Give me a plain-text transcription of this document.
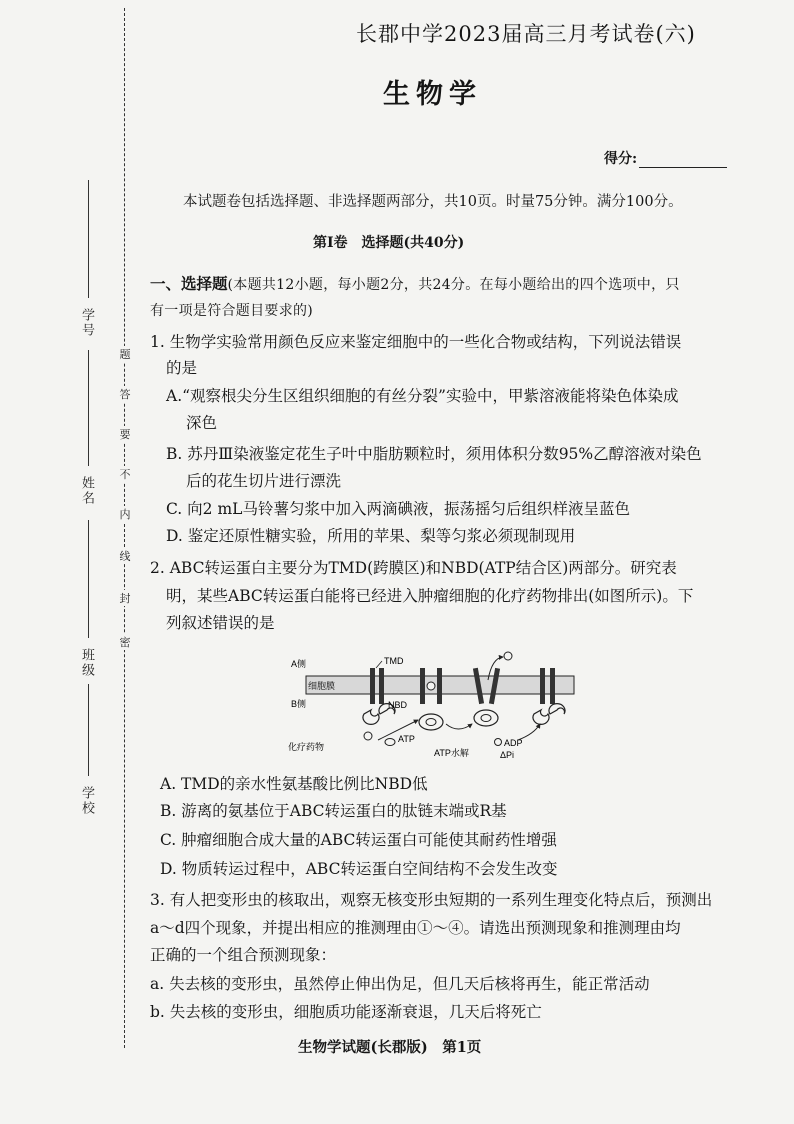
学校
班级
姓名
学号
密
封
线
内
不
要
答
题
长郡中学2023届高三月考试卷(六)
生物学
得分:
本试题卷包括选择题、非选择题两部分，共10页。时量75分钟。满分100分。
第Ⅰ卷　选择题(共40分)
一、选择题(本题共12小题，每小题2分，共24分。在每小题给出的四个选项中，只
有一项是符合题目要求的)
1. 生物学实验常用颜色反应来鉴定细胞中的一些化合物或结构，下列说法错误
的是
A.“观察根尖分生区组织细胞的有丝分裂”实验中，甲紫溶液能将染色体染成
深色
B. 苏丹Ⅲ染液鉴定花生子叶中脂肪颗粒时，须用体积分数95%乙醇溶液对染色
后的花生切片进行漂洗
C. 向2 mL马铃薯匀浆中加入两滴碘液，振荡摇匀后组织样液呈蓝色
D. 鉴定还原性糖实验，所用的苹果、梨等匀浆必须现制现用
2. ABC转运蛋白主要分为TMD(跨膜区)和NBD(ATP结合区)两部分。研究表
明，某些ABC转运蛋白能将已经进入肿瘤细胞的化疗药物排出(如图所示)。下
列叙述错误的是
A侧
细胞膜
B侧
TMD
NBD
ATP
化疗药物
ATP水解
ADP
ΔPi
A. TMD的亲水性氨基酸比例比NBD低
B. 游离的氨基位于ABC转运蛋白的肽链末端或R基
C. 肿瘤细胞合成大量的ABC转运蛋白可能使其耐药性增强
D. 物质转运过程中，ABC转运蛋白空间结构不会发生改变
3. 有人把变形虫的核取出，观察无核变形虫短期的一系列生理变化特点后，预测出
a～d四个现象，并提出相应的推测理由①～④。请选出预测现象和推测理由均
正确的一个组合预测现象：
a. 失去核的变形虫，虽然停止伸出伪足，但几天后核将再生，能正常活动
b. 失去核的变形虫，细胞质功能逐渐衰退，几天后将死亡
生物学试题(长郡版)　第1页
